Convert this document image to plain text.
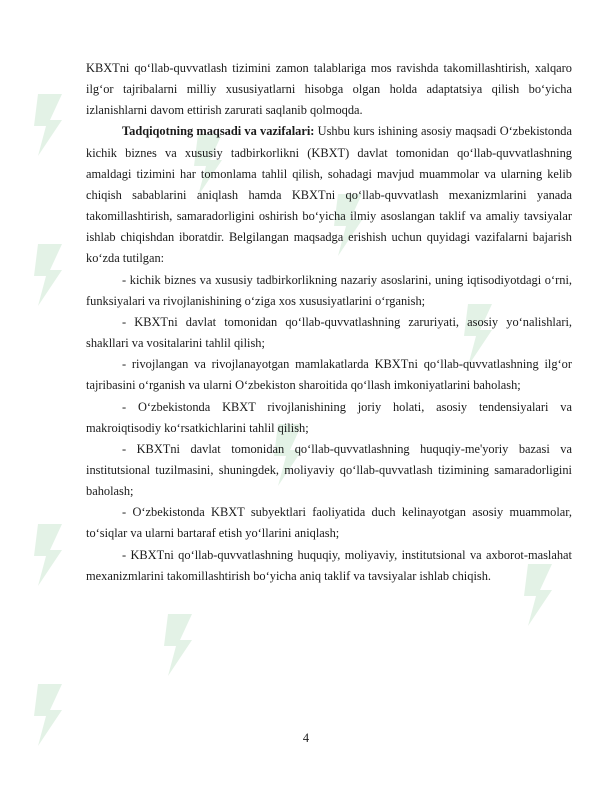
KBXTni qo‘llab-quvvatlash tizimini zamon talablariga mos ravishda takomillashtirish, xalqaro ilg‘or tajribalarni milliy xususiyatlarni hisobga olgan holda adaptatsiya qilish bo‘yicha izlanishlarni davom ettirish zarurati saqlanib qolmoqda.

Tadqiqotning maqsadi va vazifalari: Ushbu kurs ishining asosiy maqsadi O‘zbekistonda kichik biznes va xususiy tadbirkorlikni (KBXT) davlat tomonidan qo‘llab-quvvatlashning amaldagi tizimini har tomonlama tahlil qilish, sohadagi mavjud muammolar va ularning kelib chiqish sabablarini aniqlash hamda KBXTni qo‘llab-quvvatlash mexanizmlarini yanada takomillashtirish, samaradorligini oshirish bo‘yicha ilmiy asoslangan taklif va amaliy tavsiyalar ishlab chiqishdan iboratdir. Belgilangan maqsadga erishish uchun quyidagi vazifalarni bajarish ko‘zda tutilgan:

- kichik biznes va xususiy tadbirkorlikning nazariy asoslarini, uning iqtisodiyotdagi o‘rni, funksiyalari va rivojlanishining o‘ziga xos xususiyatlarini o‘rganish;

- KBXTni davlat tomonidan qo‘llab-quvvatlashning zaruriyati, asosiy yo‘nalishlari, shakllari va vositalarini tahlil qilish;

- rivojlangan va rivojlanayotgan mamlakatlarda KBXTni qo‘llab-quvvatlashning ilg‘or tajribasini o‘rganish va ularni O‘zbekiston sharoitida qo‘llash imkoniyatlarini baholash;

- O‘zbekistonda KBXT rivojlanishining joriy holati, asosiy tendensiyalari va makroiqtisodiy ko‘rsatkichlarini tahlil qilish;

- KBXTni davlat tomonidan qo‘llab-quvvatlashning huquqiy-me'yoriy bazasi va institutsional tuzilmasini, shuningdek, moliyaviy qo‘llab-quvvatlash tizimining samaradorligini baholash;

- O‘zbekistonda KBXT subyektlari faoliyatida duch kelinayotgan asosiy muammolar, to‘siqlar va ularni bartaraf etish yo‘llarini aniqlash;

- KBXTni qo‘llab-quvvatlashning huquqiy, moliyaviy, institutsional va axborot-maslahat mexanizmlarini takomillashtirish bo‘yicha aniq taklif va tavsiyalar ishlab chiqish.

4
